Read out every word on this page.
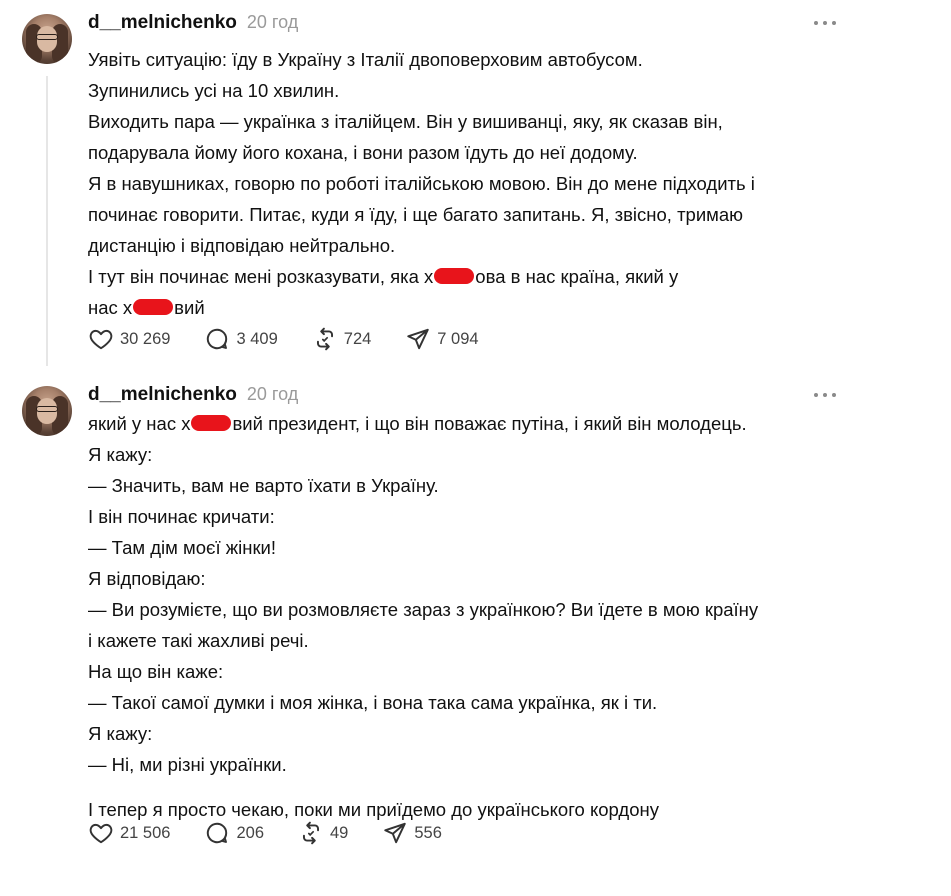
d__melnichenko 20 год
Уявіть ситуацію: їду в Україну з Італії двоповерховим автобусом.
Зупинились усі на 10 хвилин.
Виходить пара — українка з італійцем. Він у вишиванці, яку, як сказав він,
подарувала йому його кохана, і вони разом їдуть до неї додому.
Я в навушниках, говорю по роботі італійською мовою. Він до мене підходить і
починає говорити. Питає, куди я їду, і ще багато запитань. Я, звісно, тримаю
дистанцію і відповідаю нейтрально.
І тут він починає мені розказувати, яка х ова в нас країна, який у
нас х вий
30 269	3 409	724	7 094
d__melnichenko 20 год
який у нас х вий президент, і що він поважає путіна, і який він молодець.
Я кажу:
— Значить, вам не варто їхати в Україну.
І він починає кричати:
— Там дім моєї жінки!
Я відповідаю:
— Ви розумієте, що ви розмовляєте зараз з українкою? Ви їдете в мою країну
і кажете такі жахливі речі.
На що він каже:
— Такої самої думки і моя жінка, і вона така сама українка, як і ти.
Я кажу:
— Ні, ми різні українки.
І тепер я просто чекаю, поки ми приїдемо до українського кордону
21 506	206	49	556
